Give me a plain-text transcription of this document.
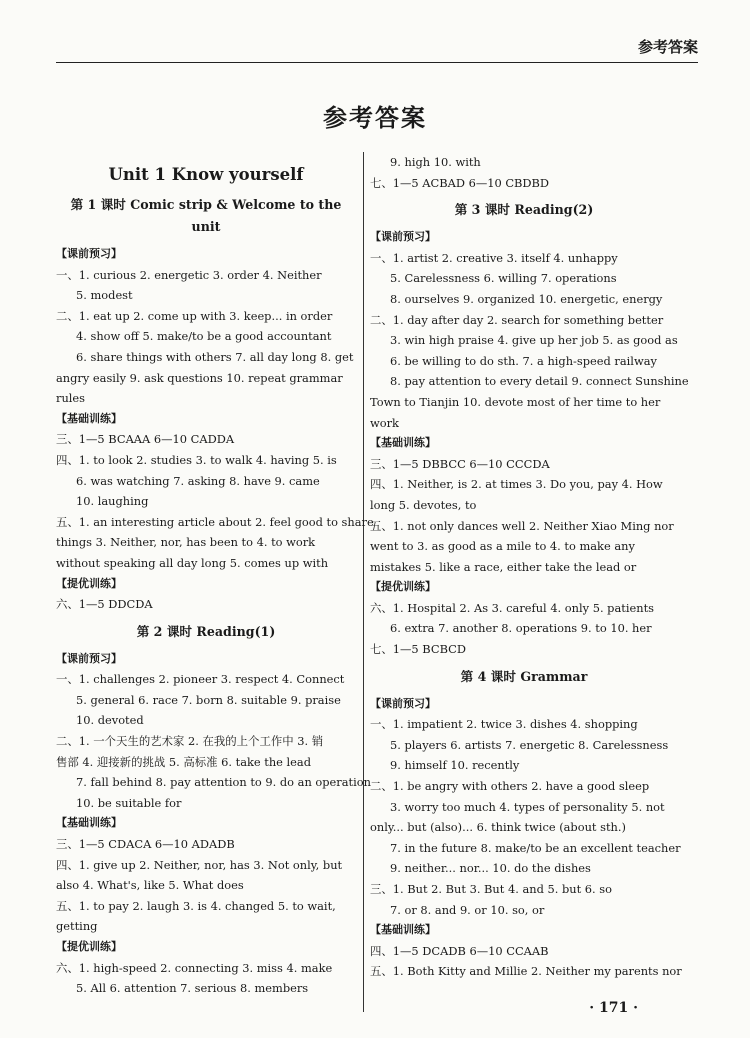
参考答案
参考答案
Unit 1 Know yourself
第 1 课时 Comic strip & Welcome to the unit
【课前预习】
一、1. curious 2. energetic 3. order 4. Neither
5. modest
二、1. eat up 2. come up with 3. keep... in order
4. show off 5. make/to be a good accountant
6. share things with others 7. all day long 8. get
angry easily 9. ask questions 10. repeat grammar
rules
【基础训练】
三、1—5 BCAAA 6—10 CADDA
四、1. to look 2. studies 3. to walk 4. having 5. is
6. was watching 7. asking 8. have 9. came
10. laughing
五、1. an interesting article about 2. feel good to share
things 3. Neither, nor, has been to 4. to work
without speaking all day long 5. comes up with
【提优训练】
六、1—5 DDCDA
第 2 课时 Reading(1)
【课前预习】
一、1. challenges 2. pioneer 3. respect 4. Connect
5. general 6. race 7. born 8. suitable 9. praise
10. devoted
二、1. 一个天生的艺术家 2. 在我的上个工作中 3. 销
售部 4. 迎接新的挑战 5. 高标准 6. take the lead
7. fall behind 8. pay attention to 9. do an operation
10. be suitable for
【基础训练】
三、1—5 CDACA 6—10 ADADB
四、1. give up 2. Neither, nor, has 3. Not only, but
also 4. What's, like 5. What does
五、1. to pay 2. laugh 3. is 4. changed 5. to wait,
getting
【提优训练】
六、1. high-speed 2. connecting 3. miss 4. make
5. All 6. attention 7. serious 8. members
9. high 10. with
七、1—5 ACBAD 6—10 CBDBD
第 3 课时 Reading(2)
【课前预习】
一、1. artist 2. creative 3. itself 4. unhappy
5. Carelessness 6. willing 7. operations
8. ourselves 9. organized 10. energetic, energy
二、1. day after day 2. search for something better
3. win high praise 4. give up her job 5. as good as
6. be willing to do sth. 7. a high-speed railway
8. pay attention to every detail 9. connect Sunshine
Town to Tianjin 10. devote most of her time to her
work
【基础训练】
三、1—5 DBBCC 6—10 CCCDA
四、1. Neither, is 2. at times 3. Do you, pay 4. How
long 5. devotes, to
五、1. not only dances well 2. Neither Xiao Ming nor
went to 3. as good as a mile to 4. to make any
mistakes 5. like a race, either take the lead or
【提优训练】
六、1. Hospital 2. As 3. careful 4. only 5. patients
6. extra 7. another 8. operations 9. to 10. her
七、1—5 BCBCD
第 4 课时 Grammar
【课前预习】
一、1. impatient 2. twice 3. dishes 4. shopping
5. players 6. artists 7. energetic 8. Carelessness
9. himself 10. recently
二、1. be angry with others 2. have a good sleep
3. worry too much 4. types of personality 5. not
only... but (also)... 6. think twice (about sth.)
7. in the future 8. make/to be an excellent teacher
9. neither... nor... 10. do the dishes
三、1. But 2. But 3. But 4. and 5. but 6. so
7. or 8. and 9. or 10. so, or
【基础训练】
四、1—5 DCADB 6—10 CCAAB
五、1. Both Kitty and Millie 2. Neither my parents nor
· 171 ·
